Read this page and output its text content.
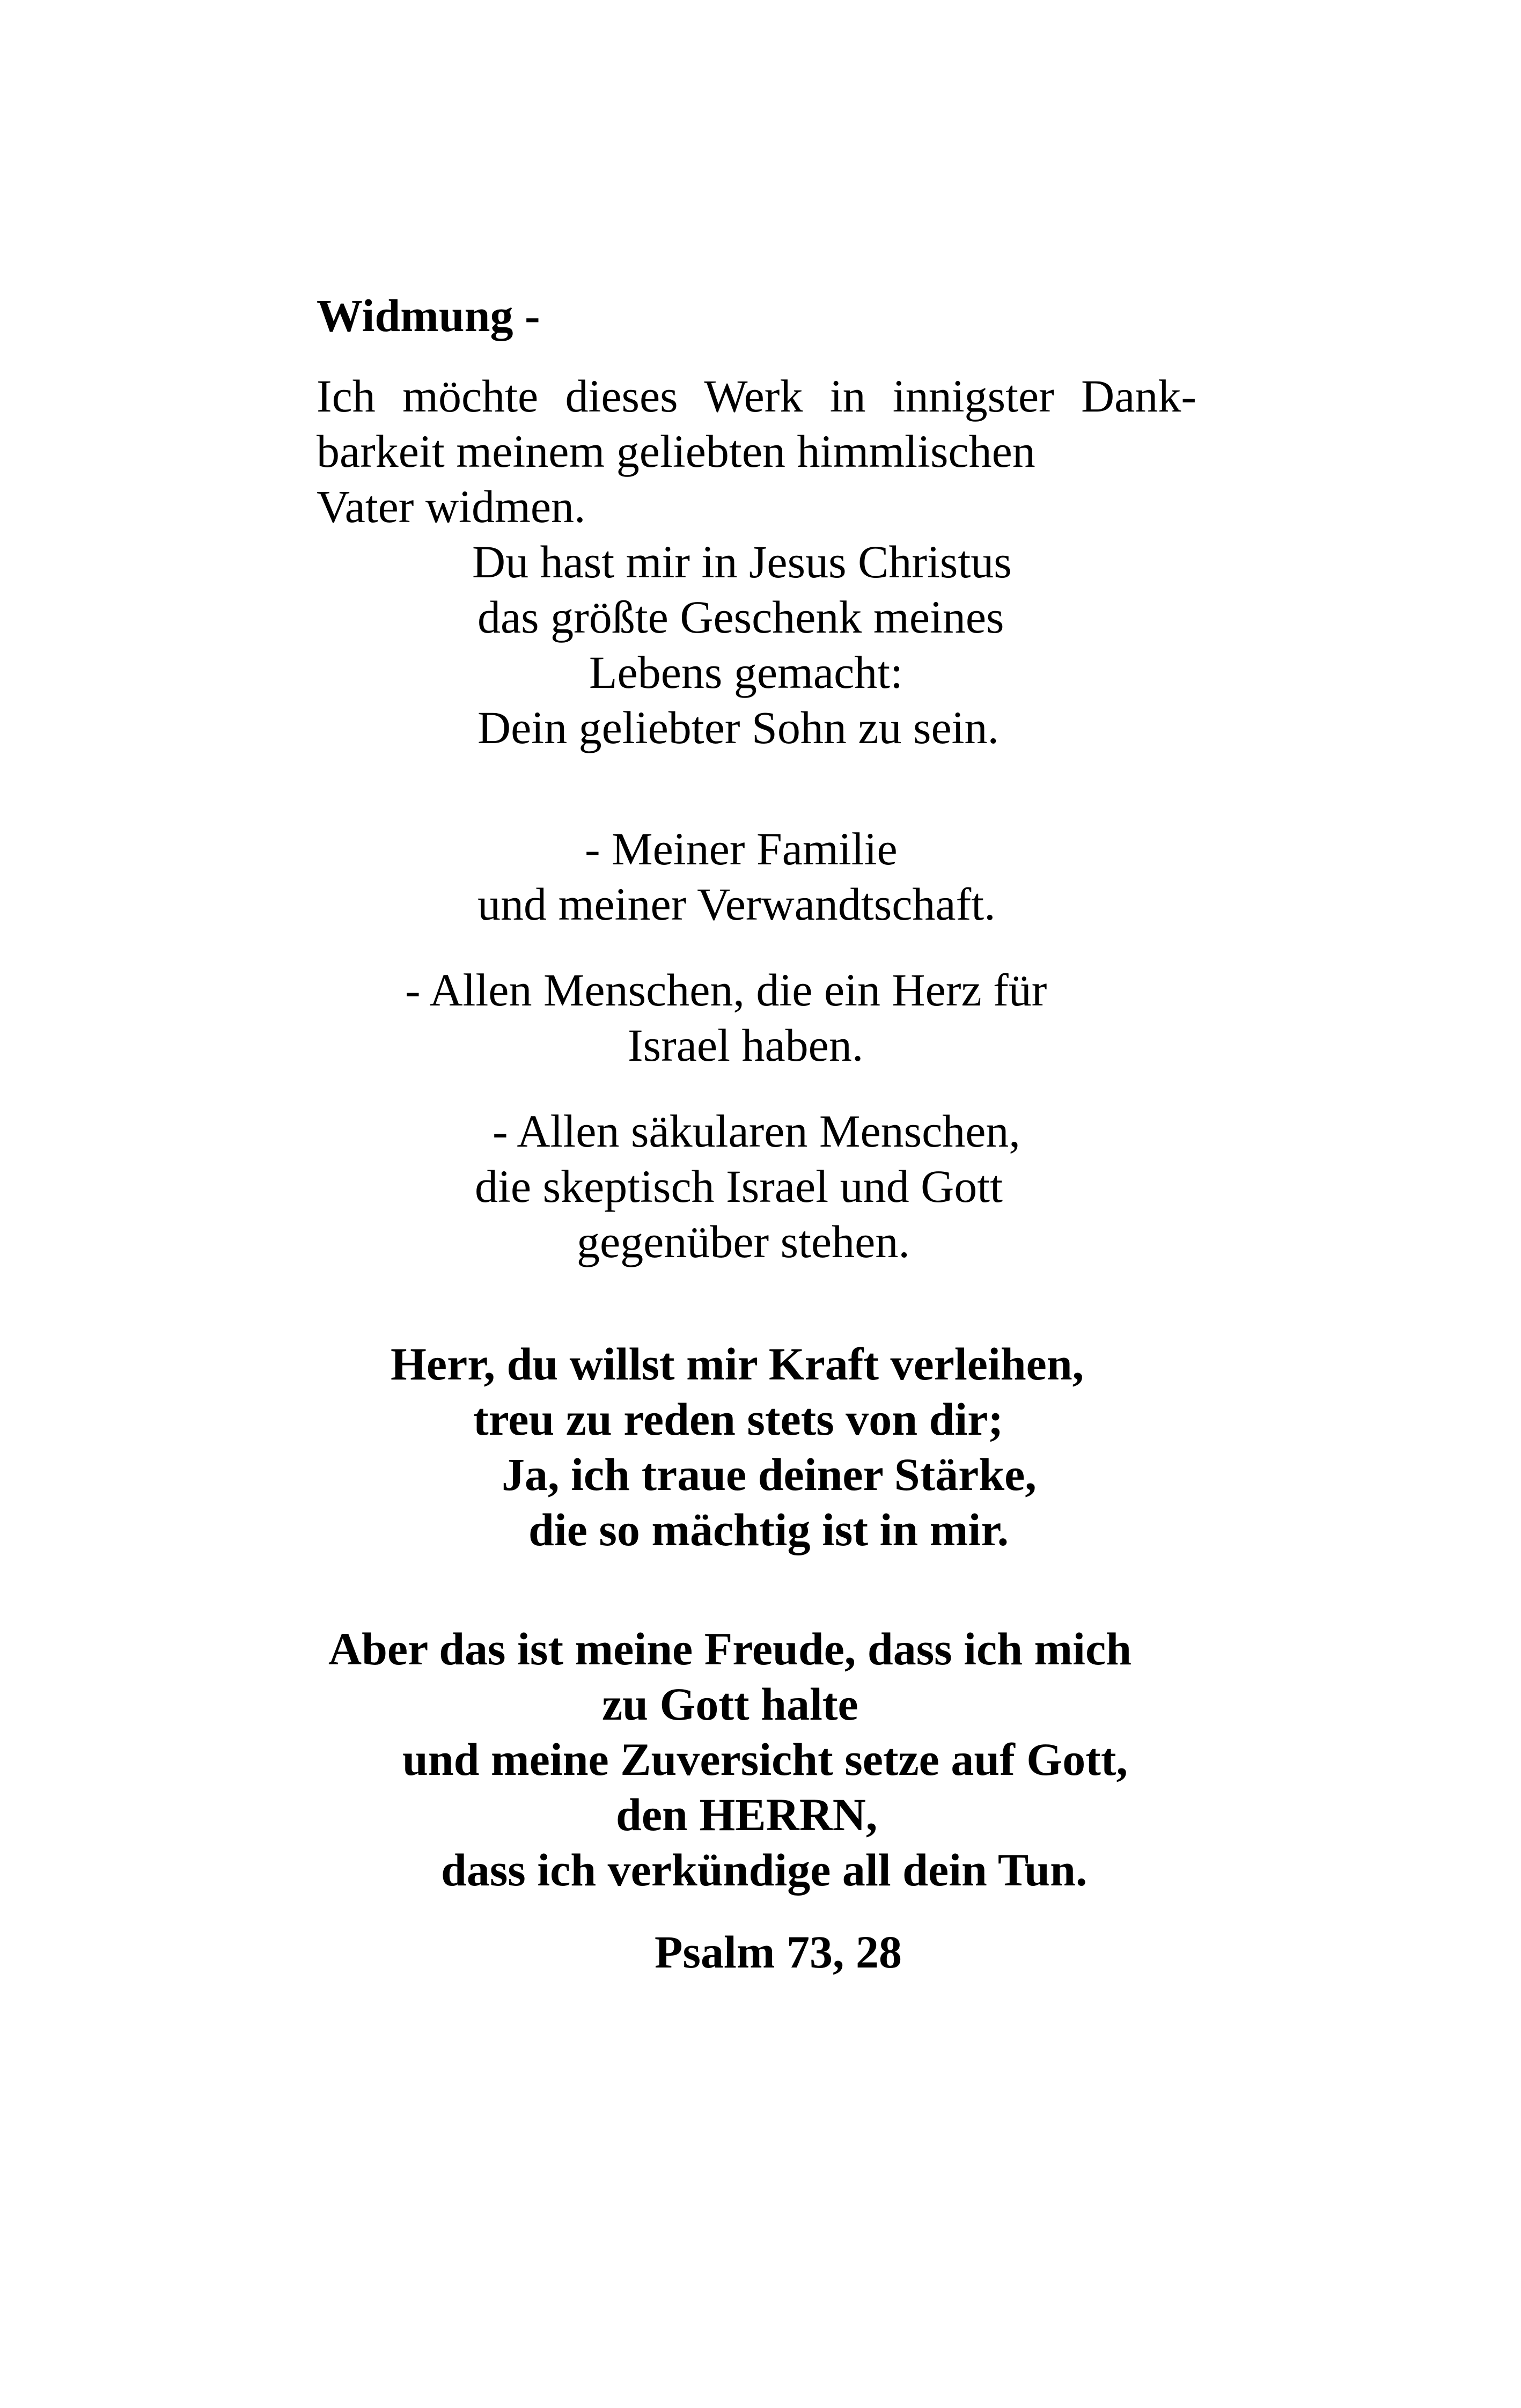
Widmung -
Ich möchte dieses Werk in innigster Dank-
barkeit meinem geliebten himmlischen
Vater widmen.
Du hast mir in Jesus Christus
das größte Geschenk meines
Lebens gemacht:
Dein geliebter Sohn zu sein.
- Meiner Familie
und meiner Verwandtschaft.
- Allen Menschen, die ein Herz für
Israel haben.
- Allen säkularen Menschen,
die skeptisch Israel und Gott
gegenüber stehen.
Herr, du willst mir Kraft verleihen,
treu zu reden stets von dir;
Ja, ich traue deiner Stärke,
die so mächtig ist in mir.
Aber das ist meine Freude, dass ich mich
zu Gott halte
und meine Zuversicht setze auf Gott,
den HERRN,
dass ich verkündige all dein Tun.
Psalm 73, 28
